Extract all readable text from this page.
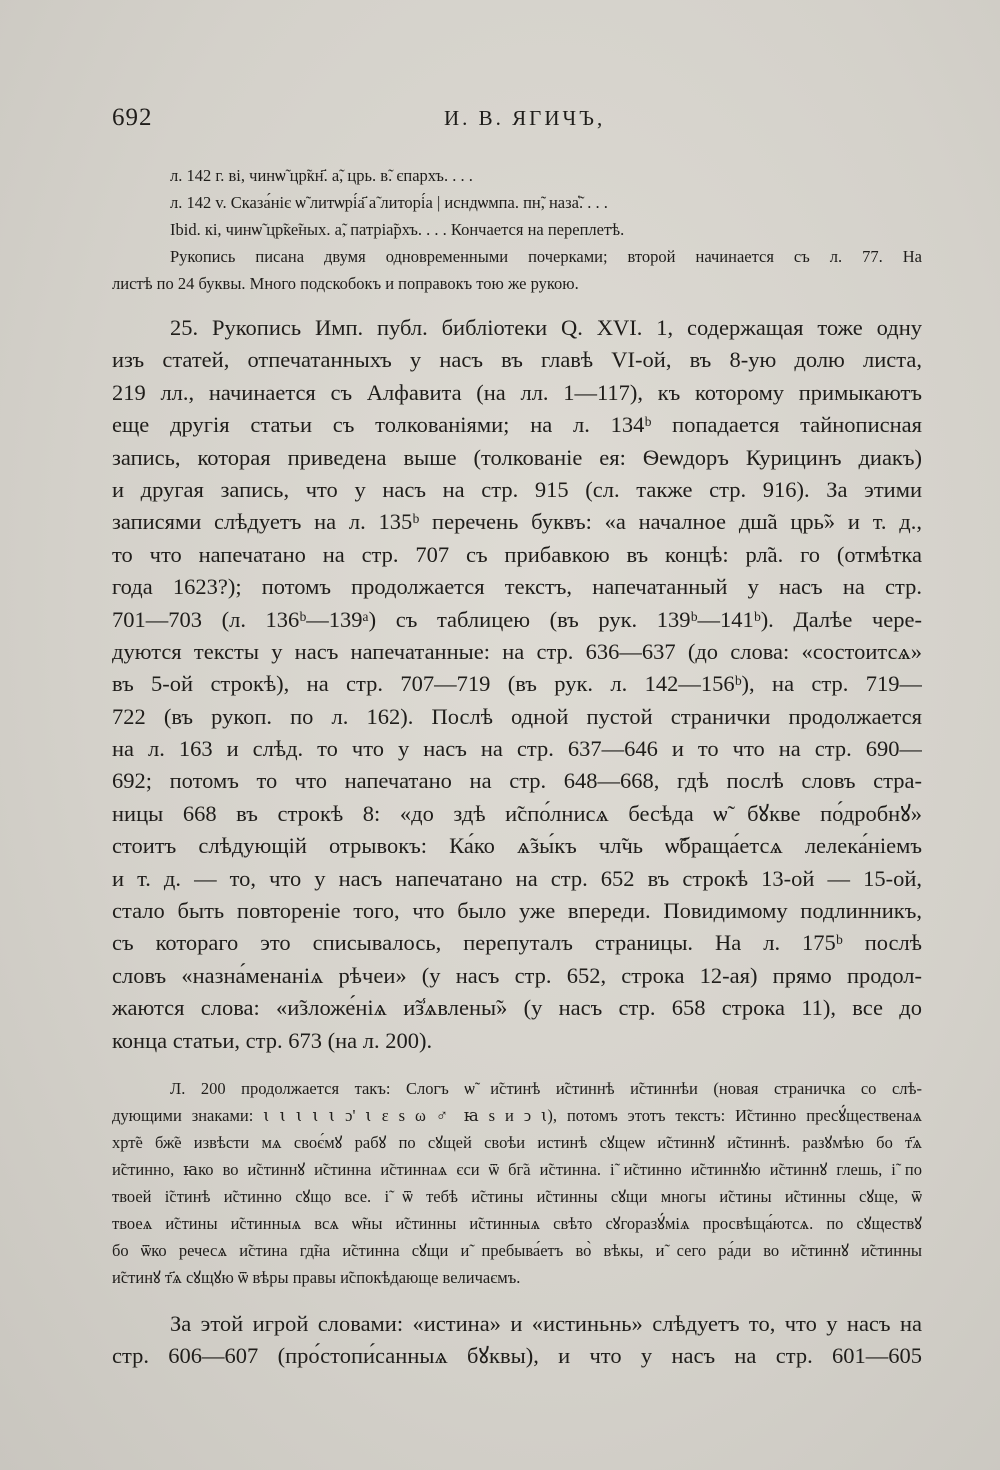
692	И. В. ЯГИЧЪ,
л. 142 г. ві, чинѡ̃ цр̃кн҃. а̃, црь. в̃. єпархъ. . . .
л. 142 v. Сказа́ніє ѡ̃ литѡрі́а҃ а̃ литорі́а | исндѡмпа. пн̃, наза̃҅. . . .
Ibid. кі, чинѡ̃ цр̃ке̃ных. а̃, патріа̃рхъ. . . . Кончается на переплетѣ.
Рукопись писана двумя одновременными почерками; второй начинается съ л. 77. На
листѣ по 24 буквы. Много подскобокъ и поправокъ тою же рукою.
25. Рукопись Имп. публ. библіотеки Q. XVI. 1, содержащая тоже одну
изъ статей, отпечатанныхъ у насъ въ главѣ VI-ой, въ 8-ую долю листа,
219 лл., начинается съ Алфавита (на лл. 1—117), къ которому примыкаютъ
еще другія статьи съ толкованіями; на л. 134ᵇ попадается тайнописная
запись, которая приведена выше (толкованіе ея: Ѳеѡдоръ Курицинъ диакъ)
и другая запись, что у насъ на стр. 915 (сл. также стр. 916). За этими
записями слѣдуетъ на л. 135ᵇ перечень буквъ: «а началное дш̃а црь̃» и т. д.,
то что напечатано на стр. 707 съ прибавкою въ концѣ: рл̃а. го (отмѣтка
года 1623?); потомъ продолжается текстъ, напечатанный у насъ на стр.
701—703 (л. 136ᵇ—139ᵃ) съ таблицею (въ рук. 139ᵇ—141ᵇ). Далѣе чере-
дуются тексты у насъ напечатанные: на стр. 636—637 (до слова: «состоитсѧ»
въ 5-ой строкѣ), на стр. 707—719 (въ рук. л. 142—156ᵇ), на стр. 719—
722 (въ рукоп. по л. 162). Послѣ одной пустой странички продолжается
на л. 163 и слѣд. то что у насъ на стр. 637—646 и то что на стр. 690—
692; потомъ то что напечатано на стр. 648—668, гдѣ послѣ словъ стра-
ницы 668 въ строкѣ 8: «до здѣ и̃спо́лнисѧ бесѣда ѡ̃ бꙋкве по́дробнꙋ»
стоитъ слѣдующій отрывокъ: Ка́ко ѧ̃зы́къ чл̃чь ѡ̃браща́етсѧ лелека́ніемъ
и т. д. — то, что у насъ напечатано на стр. 652 въ строкѣ 13-ой — 15-ой,
стало быть повтореніе того, что было уже впереди. Повидимому подлинникъ,
съ котораго это списывалось, перепуталъ страницы. На л. 175ᵇ послѣ
словъ «назна́менаніѧ рѣчеи» (у насъ стр. 652, строка 12-ая) прямо продол-
жаются слова: «и̃зложе́ніѧ и̃з̾ѧвлены̃» (у насъ стр. 658 строка 11), все до
конца статьи, стр. 673 (на л. 200).
Л. 200 продолжается такъ: Слогъ ѡ̃ и̃стинѣ и̃стиннѣ и̃стиннѣи (новая страничка со слѣ-
дующими знаками: ꙇ ꙇ ꙇ ꙇ ꙇ ɔ' ꙇ ɛ ѕ ω ♂ ꙗ ѕ и ↄ ꙇ), потомъ этотъ текстъ: И̃стинно пресꙋ́щественаѧ
хрт̃е бж̃е извѣсти мѧ своє́мꙋ рабꙋ по сꙋщей своѣи истинѣ сꙋщеѡ и̃стиннꙋ и̃стиннѣ. разꙋмѣю бо т҃ѧ
и̃стинно, ꙗко во и̃стиннꙋ и̃стинна и̃стиннаѧ єси ѿ бг̃а и̃стинна. і̃ и̃стинно и̃стиннꙋю и̃стиннꙋ глешь, і̃ по
твоей і̃стинѣ и̃стинно сꙋщо все. і̃ ѿ тебѣ и̃стины и̃стинны сꙋщи многы и̃стины и̃стинны сꙋще, ѿ
твоеѧ и̃стины и̃стинныѧ всѧ ѡ̃ны и̃стинны и̃стинныѧ свѣто сꙋгоразꙋ́міѧ просвѣща́ютсѧ. по сꙋществꙋ
бо ѿко речесѧ и̃стина гд̃на и̃стинна сꙋщи и̃ пребыва́етъ во̀ вѣкы, и̃ сего ра́ди во и̃стиннꙋ и̃стинны
и̃стинꙋ т҃ѧ сꙋщꙋю ѿ вѣры правы и̃спокѣдающе величаємъ.
За этой игрой словами: «истина» и «истиньнь» слѣдуетъ то, что у насъ на
стр. 606—607 (про́стопи́санныѧ бꙋквы), и что у насъ на стр. 601—605
